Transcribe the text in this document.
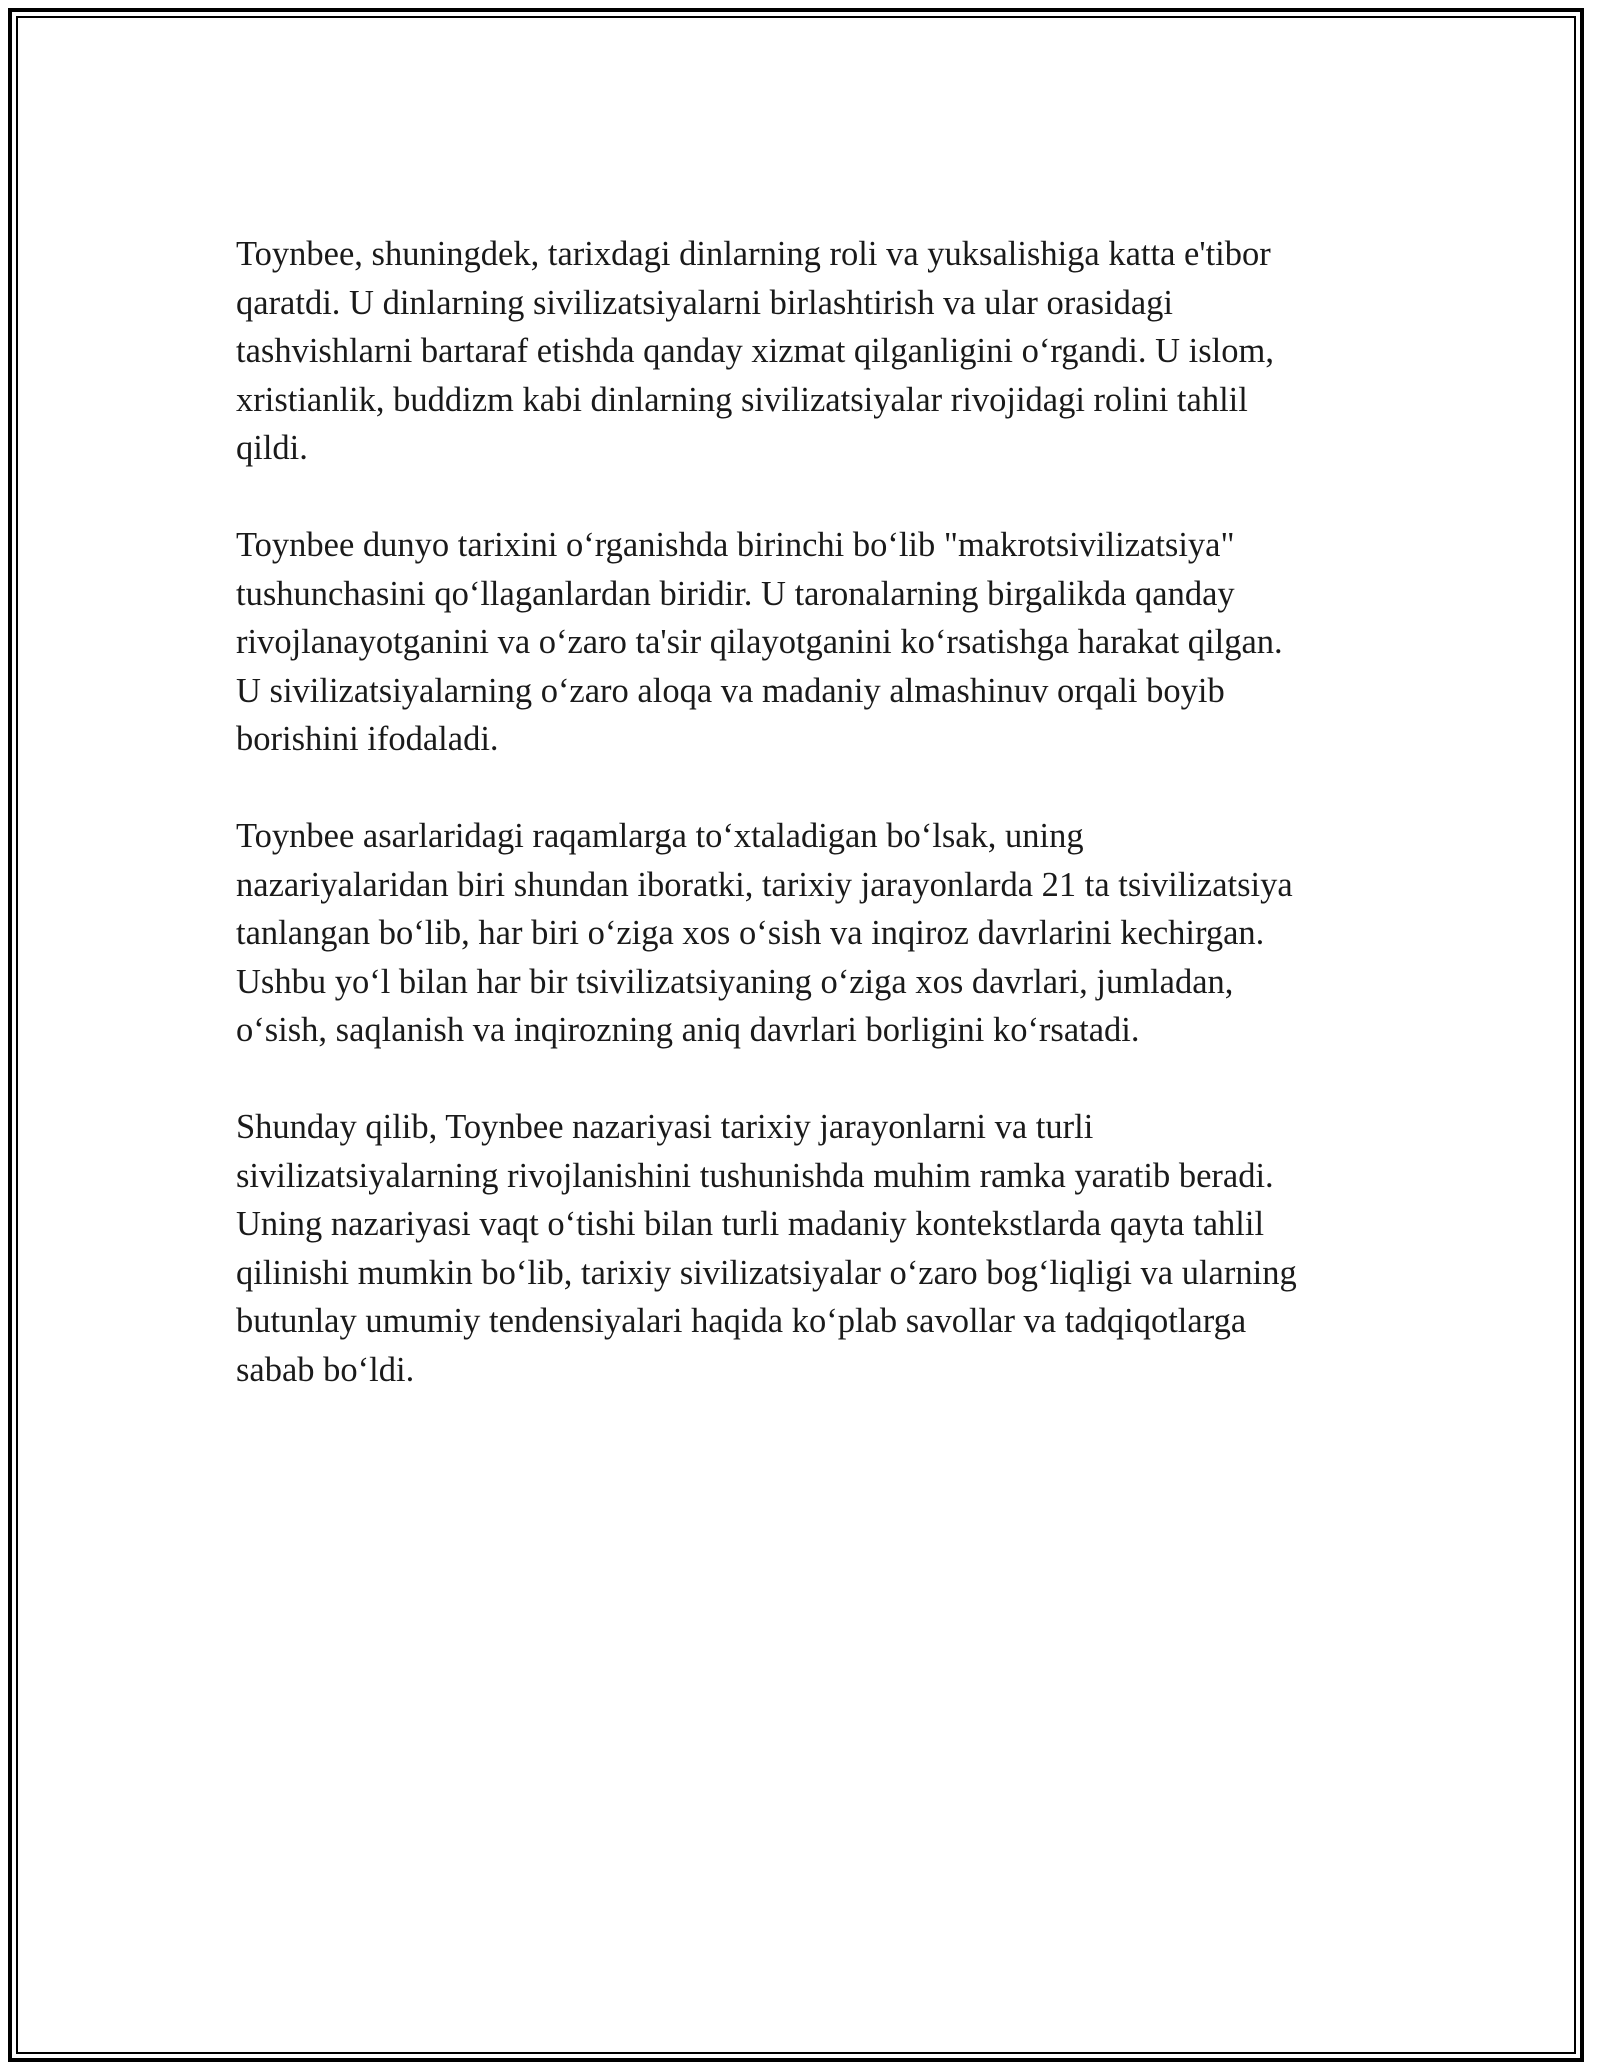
Toynbee, shuningdek, tarixdagi dinlarning roli va yuksalishiga katta e'tibor
qaratdi. U dinlarning sivilizatsiyalarni birlashtirish va ular orasidagi
tashvishlarni bartaraf etishda qanday xizmat qilganligini oʻrgandi. U islom,
xristianlik, buddizm kabi dinlarning sivilizatsiyalar rivojidagi rolini tahlil
qildi.

Toynbee dunyo tarixini oʻrganishda birinchi boʻlib "makrotsivilizatsiya"
tushunchasini qoʻllaganlardan biridir. U taronalarning birgalikda qanday
rivojlanayotganini va oʻzaro ta'sir qilayotganini koʻrsatishga harakat qilgan.
U sivilizatsiyalarning oʻzaro aloqa va madaniy almashinuv orqali boyib
borishini ifodaladi.

Toynbee asarlaridagi raqamlarga toʻxtaladigan boʻlsak, uning
nazariyalaridan biri shundan iboratki, tarixiy jarayonlarda 21 ta tsivilizatsiya
tanlangan boʻlib, har biri oʻziga xos oʻsish va inqiroz davrlarini kechirgan.
Ushbu yoʻl bilan har bir tsivilizatsiyaning oʻziga xos davrlari, jumladan,
oʻsish, saqlanish va inqirozning aniq davrlari borligini koʻrsatadi.

Shunday qilib, Toynbee nazariyasi tarixiy jarayonlarni va turli
sivilizatsiyalarning rivojlanishini tushunishda muhim ramka yaratib beradi.
Uning nazariyasi vaqt oʻtishi bilan turli madaniy kontekstlarda qayta tahlil
qilinishi mumkin boʻlib, tarixiy sivilizatsiyalar oʻzaro bogʻliqligi va ularning
butunlay umumiy tendensiyalari haqida koʻplab savollar va tadqiqotlarga
sabab boʻldi.
